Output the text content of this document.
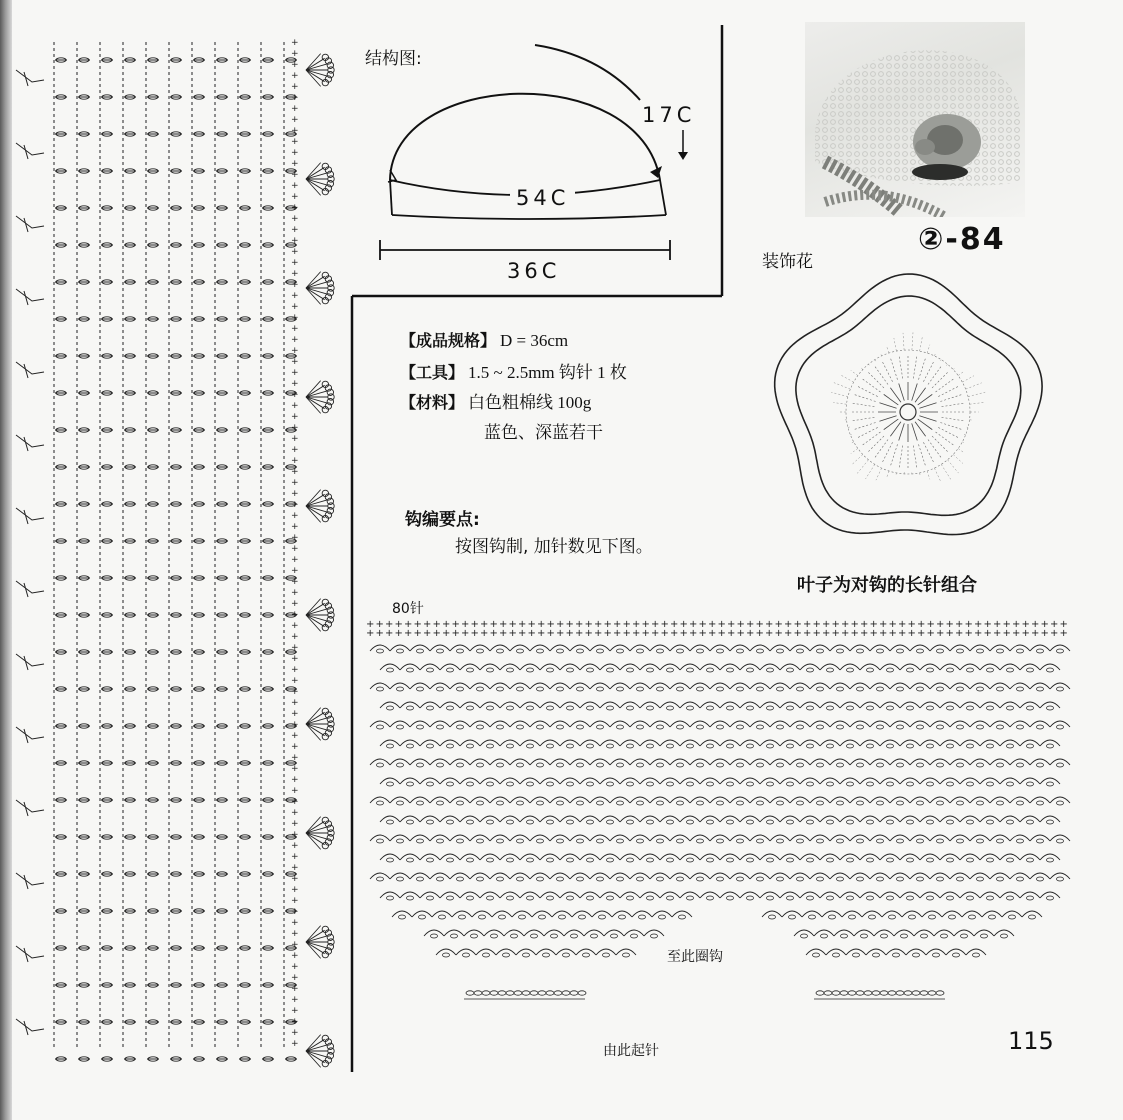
+
+
+
+
+
+
+
+
+
+
+
+
+
+
+
+
+
+
+
+
+
+
+
+
+
+
+
+
+
+
+
+
+
+
+
+
+
+
+
+
+
+
+
+
+
+
+
+
+
+
+
+
+
+
+
+
+
+
+
+
+
+
+
+
+
+
+
+
+
+
+
+
+
+
+
+
+
+
+
+
+
+
+
+
+
+
+
+
+
+
+
+
结构图:
17C
54C
36C
②-84
装饰花
叶子为对钩的长针组合
【成品规格】 D = 36cm
【工具】 1.5 ~ 2.5mm 钩针 1 枚
【材料】 白色粗棉线 100g
蓝色、深蓝若干
钩编要点:
按图钩制, 加针数见下图。
80针
+ + + + + + + + + + + + + + + + + + + + + + + + + + + + + + + + + + + + + + + + + + + + + + + + + + + + + + + + + + + + + + + + + + + + + + + + + +
+ + + + + + + + + + + + + + + + + + + + + + + + + + + + + + + + + + + + + + + + + + + + + + + + + + + + + + + + + + + + + + + + + + + + + + + + + +
至此圈钩
由此起针	115
